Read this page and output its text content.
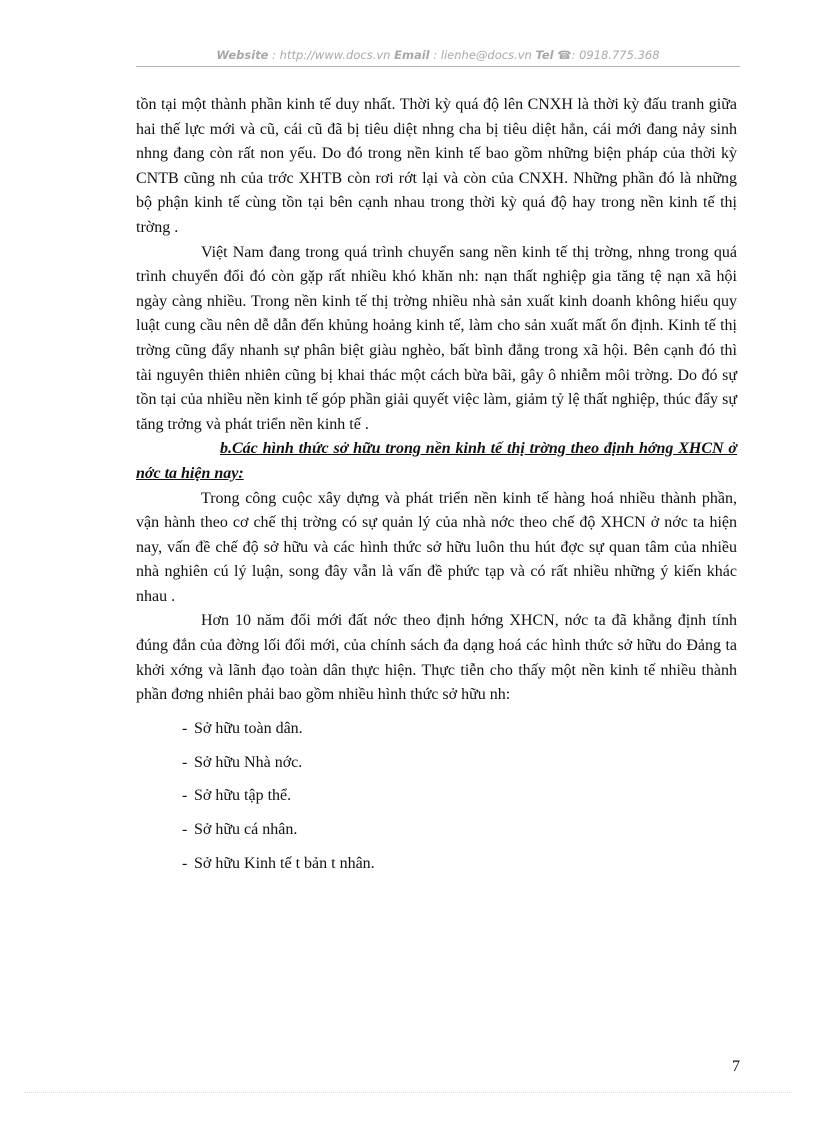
Website : http://www.docs.vn Email : lienhe@docs.vn Tel ☎: 0918.775.368

tồn tại một thành phần kinh tế duy nhất. Thời kỳ quá độ lên CNXH là thời kỳ đấu tranh giữa hai thế lực mới và cũ, cái cũ đã bị tiêu diệt nhng cha bị tiêu diệt hẳn, cái mới đang nảy sinh nhng đang còn rất non yếu. Do đó trong nền kinh tế bao gồm những biện pháp của thời kỳ CNTB cũng nh của trớc XHTB còn rơi rớt lại và còn của CNXH. Những phần đó là những bộ phận kinh tế cùng tồn tại bên cạnh nhau trong thời kỳ quá độ hay trong nền kinh tế thị trờng .

Việt Nam đang trong quá trình chuyển sang nền kinh tế thị trờng, nhng trong quá trình chuyển đổi đó còn gặp rất nhiều khó khăn nh: nạn thất nghiệp gia tăng tệ nạn xã hội ngày càng nhiều. Trong nền kinh tế thị trờng nhiều nhà sản xuất kinh doanh không hiểu quy luật cung cầu nên dễ dẫn đến khủng hoảng kinh tế, làm cho sản xuất mất ổn định. Kinh tế thị trờng cũng đẩy nhanh sự phân biệt giàu nghèo, bất bình đẳng trong xã hội. Bên cạnh đó thì tài nguyên thiên nhiên cũng bị khai thác một cách bừa bãi, gây ô nhiễm môi trờng. Do đó sự tồn tại của nhiều nền kinh tế góp phần giải quyết việc làm, giảm tỷ lệ thất nghiệp, thúc đẩy sự tăng trởng và phát triển nền kinh tế .

b.Các hình thức sở hữu trong nền kinh tế thị trờng theo định hớng XHCN ở nớc ta hiện nay:

Trong công cuộc xây dựng và phát triển nền kinh tế hàng hoá nhiều thành phần, vận hành theo cơ chế thị trờng có sự quản lý của nhà nớc theo chế độ XHCN ở nớc ta hiện nay, vấn đề chế độ sở hữu và các hình thức sở hữu luôn thu hút đợc sự quan tâm của nhiều nhà nghiên cú lý luận, song đây vẫn là vấn đề phức tạp và có rất nhiều những ý kiến khác nhau .

Hơn 10 năm đổi mới đất nớc theo định hớng XHCN, nớc ta đã khẳng định tính đúng đắn của đờng lối đổi mới, của chính sách đa dạng hoá các hình thức sở hữu do Đảng ta khởi xớng và lãnh đạo toàn dân thực hiện. Thực tiễn cho thấy một nền kinh tế nhiều thành phần đơng nhiên phải bao gồm nhiều hình thức sở hữu nh:

- Sở hữu toàn dân.
- Sở hữu Nhà nớc.
- Sở hữu tập thể.
- Sở hữu cá nhân.
- Sở hữu Kinh tế t bản t nhân.
7
